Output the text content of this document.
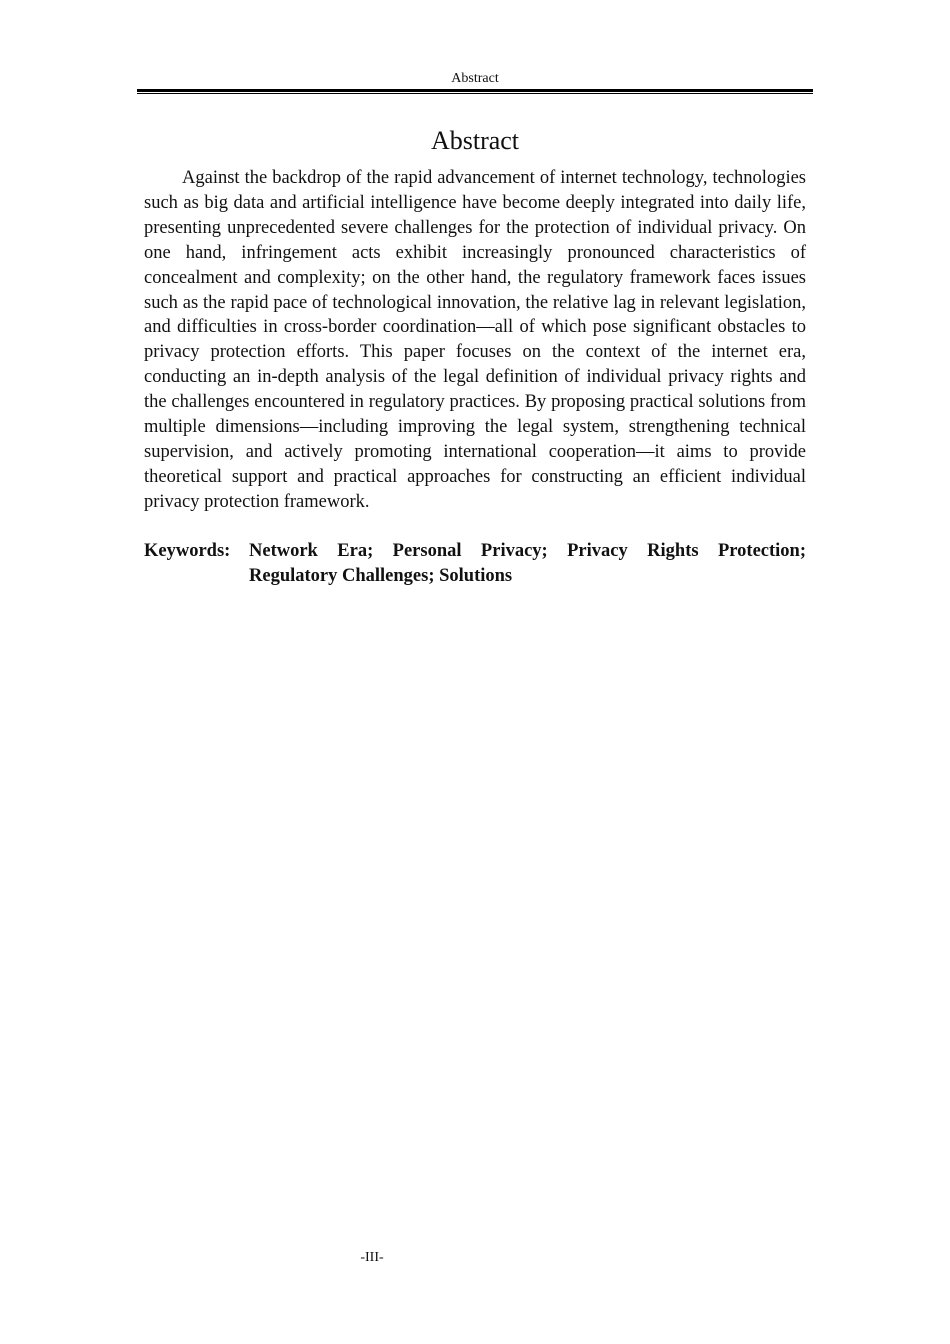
Abstract
Abstract

Against the backdrop of the rapid advancement of internet technology, technologies such as big data and artificial intelligence have become deeply integrated into daily life, presenting unprecedented severe challenges for the protection of individual privacy. On one hand, infringement acts exhibit increasingly pronounced characteristics of concealment and complexity; on the other hand, the regulatory framework faces issues such as the rapid pace of technological innovation, the relative lag in relevant legislation, and difficulties in cross-border coordination—all of which pose significant obstacles to privacy protection efforts. This paper focuses on the context of the internet era, conducting an in-depth analysis of the legal definition of individual privacy rights and the challenges encountered in regulatory practices. By proposing practical solutions from multiple dimensions—including improving the legal system, strengthening technical supervision, and actively promoting international cooperation—it aims to provide theoretical support and practical approaches for constructing an efficient individual privacy protection framework.

Keywords:	Network Era; Personal Privacy; Privacy Rights Protection; Regulatory Challenges; Solutions
-III-
